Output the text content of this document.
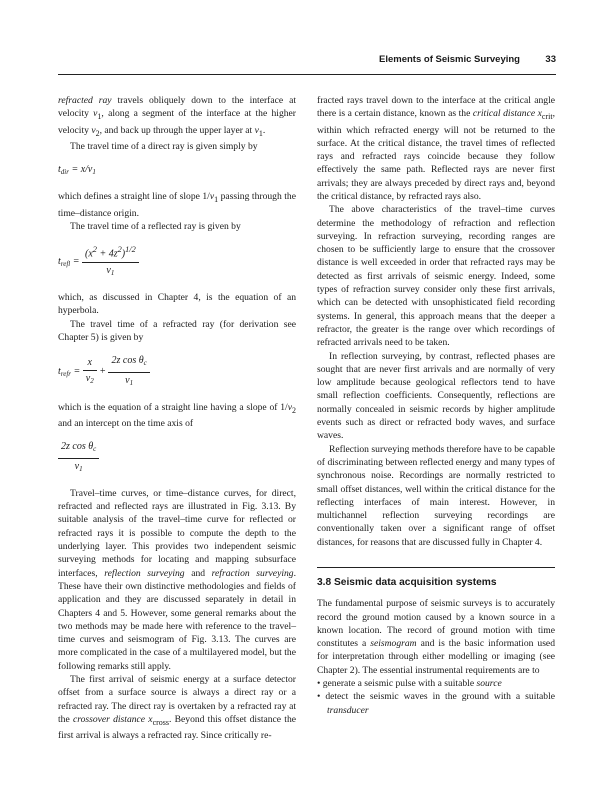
Elements of Seismic Surveying	33

refracted ray travels obliquely down to the interface at velocity $v_1$, along a segment of the interface at the higher velocity $v_2$, and back up through the upper layer at $v_1$.

The travel time of a direct ray is given simply by

$t_{dir} = x/v_1$

which defines a straight line of slope $1/v_1$ passing through the time–distance origin.

The travel time of a reflected ray is given by

$t_{refl} = \frac{(x^2 + 4z^2)^{1/2}}{v_1}$

which, as discussed in Chapter 4, is the equation of an hyperbola.

The travel time of a refracted ray (for derivation see Chapter 5) is given by

$t_{refr} = \frac{x}{v_2} + \frac{2z \cos \theta_c}{v_1}$

which is the equation of a straight line having a slope of $1/v_2$ and an intercept on the time axis of

$\frac{2z \cos \theta_c}{v_1}$

Travel–time curves, or time–distance curves, for direct, refracted and reflected rays are illustrated in Fig. 3.13. By suitable analysis of the travel–time curve for reflected or refracted rays it is possible to compute the depth to the underlying layer. This provides two independent seismic surveying methods for locating and mapping subsurface interfaces, reflection surveying and refraction surveying. These have their own distinctive methodologies and fields of application and they are discussed separately in detail in Chapters 4 and 5. However, some general remarks about the two methods may be made here with reference to the travel–time curves and seismogram of Fig. 3.13. The curves are more complicated in the case of a multilayered model, but the following remarks still apply.

The first arrival of seismic energy at a surface detector offset from a surface source is always a direct ray or a refracted ray. The direct ray is overtaken by a refracted ray at the crossover distance $x_{cross}$. Beyond this offset distance the first arrival is always a refracted ray. Since critically re-

fracted rays travel down to the interface at the critical angle there is a certain distance, known as the critical distance $x_{crit}$, within which refracted energy will not be returned to the surface. At the critical distance, the travel times of reflected rays and refracted rays coincide because they follow effectively the same path. Reflected rays are never first arrivals; they are always preceded by direct rays and, beyond the critical distance, by refracted rays also.

The above characteristics of the travel–time curves determine the methodology of refraction and reflection surveying. In refraction surveying, recording ranges are chosen to be sufficiently large to ensure that the crossover distance is well exceeded in order that refracted rays may be detected as first arrivals of seismic energy. Indeed, some types of refraction survey consider only these first arrivals, which can be detected with unsophisticated field recording systems. In general, this approach means that the deeper a refractor, the greater is the range over which recordings of refracted arrivals need to be taken.

In reflection surveying, by contrast, reflected phases are sought that are never first arrivals and are normally of very low amplitude because geological reflectors tend to have small reflection coefficients. Consequently, reflections are normally concealed in seismic records by higher amplitude events such as direct or refracted body waves, and surface waves.

Reflection surveying methods therefore have to be capable of discriminating between reflected energy and many types of synchronous noise. Recordings are normally restricted to small offset distances, well within the critical distance for the reflecting interfaces of main interest. However, in multichannel reflection surveying recordings are conventionally taken over a significant range of offset distances, for reasons that are discussed fully in Chapter 4.

3.8 Seismic data acquisition systems

The fundamental purpose of seismic surveys is to accurately record the ground motion caused by a known source in a known location. The record of ground motion with time constitutes a seismogram and is the basic information used for interpretation through either modelling or imaging (see Chapter 2). The essential instrumental requirements are to

• generate a seismic pulse with a suitable source
• detect the seismic waves in the ground with a suitable transducer
